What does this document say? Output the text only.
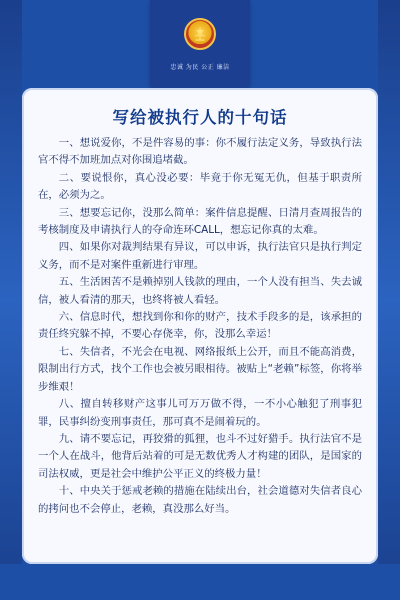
忠诚 为民 公正 廉洁
写给被执行人的十句话

一、想说爱你，不是件容易的事：你不履行法定义务，导致执行法官不得不加班加点对你围追堵截。

二、要说恨你，真心没必要：毕竟于你无冤无仇，但基于职责所在，必须为之。

三、想要忘记你，没那么简单：案件信息提醒、日清月查周报告的考核制度及申请执行人的夺命连环CALL，想忘记你真的太难。

四、如果你对裁判结果有异议，可以申诉，执行法官只是执行判定义务，而不是对案件重新进行审理。

五、生活困苦不是赖掉别人钱款的理由，一个人没有担当、失去诚信，被人看清的那天，也终将被人看轻。

六、信息时代，想找到你和你的财产，技术手段多的是，该承担的责任终究躲不掉，不要心存侥幸，你，没那么幸运！

七、失信者，不光会在电视、网络报纸上公开，而且不能高消费，限制出行方式，找个工作也会被另眼相待。被贴上“老赖”标签，你将举步维艰！

八、擅自转移财产这事儿可万万做不得，一不小心触犯了刑事犯罪，民事纠纷变刑事责任，那可真不是闹着玩的。

九、请不要忘记，再狡猾的狐狸，也斗不过好猎手。执行法官不是一个人在战斗，他背后站着的可是无数优秀人才构建的团队，是国家的司法权威，更是社会中维护公平正义的终极力量！

十、中央关于惩戒老赖的措施在陆续出台，社会道德对失信者良心的拷问也不会停止，老赖，真没那么好当。
